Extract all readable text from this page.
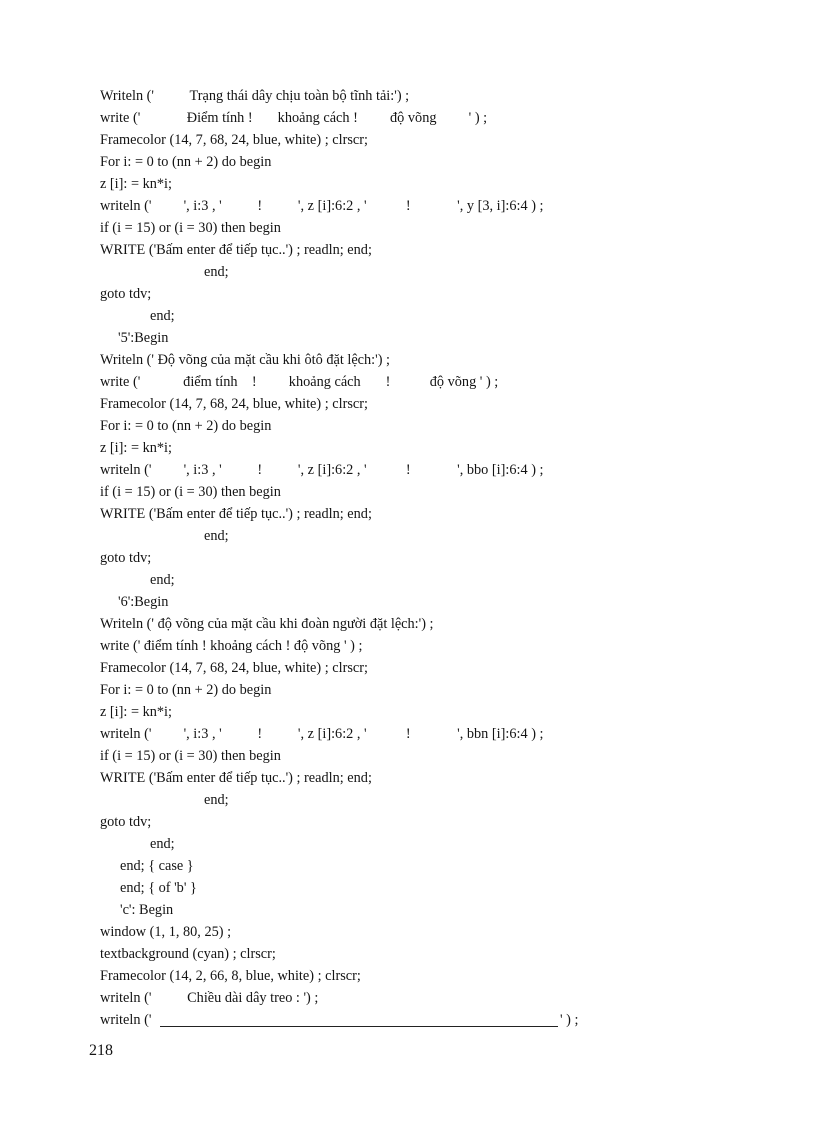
Writeln ('          Trạng thái dây chịu toàn bộ tĩnh tải:') ;
write ('             Điểm tính !       khoảng cách !         độ võng         ' ) ;
Framecolor (14, 7, 68, 24, blue, white) ; clrscr;
For i: = 0 to (nn + 2) do begin
z [i]: = kn*i;
writeln ('         ', i:3 , '          !          ', z [i]:6:2 , '           !             ', y [3, i]:6:4 ) ;
if (i = 15) or (i = 30) then begin
WRITE ('Bấm enter để tiếp tục..') ; readln; end;
end;
goto tdv;
end;
'5':Begin
Writeln (' Độ võng của mặt cầu khi ôtô đặt lệch:') ;
write ('            điểm tính    !         khoảng cách       !           độ võng ' ) ;
Framecolor (14, 7, 68, 24, blue, white) ; clrscr;
For i: = 0 to (nn + 2) do begin
z [i]: = kn*i;
writeln ('         ', i:3 , '          !          ', z [i]:6:2 , '           !             ', bbo [i]:6:4 ) ;
if (i = 15) or (i = 30) then begin
WRITE ('Bấm enter để tiếp tục..') ; readln; end;
end;
goto tdv;
end;
'6':Begin
Writeln (' độ võng của mặt cầu khi đoàn người đặt lệch:') ;
write (' điểm tính ! khoảng cách ! độ võng ' ) ;
Framecolor (14, 7, 68, 24, blue, white) ; clrscr;
For i: = 0 to (nn + 2) do begin
z [i]: = kn*i;
writeln ('         ', i:3 , '          !          ', z [i]:6:2 , '           !             ', bbn [i]:6:4 ) ;
if (i = 15) or (i = 30) then begin
WRITE ('Bấm enter để tiếp tục..') ; readln; end;
end;
goto tdv;
end;
end; { case }
end; { of 'b' }
'c': Begin
window (1, 1, 80, 25) ;
textbackground (cyan) ; clrscr;
Framecolor (14, 2, 66, 8, blue, white) ; clrscr;
writeln ('          Chiều dài dây treo : ') ;
writeln ('	' ) ;
218
